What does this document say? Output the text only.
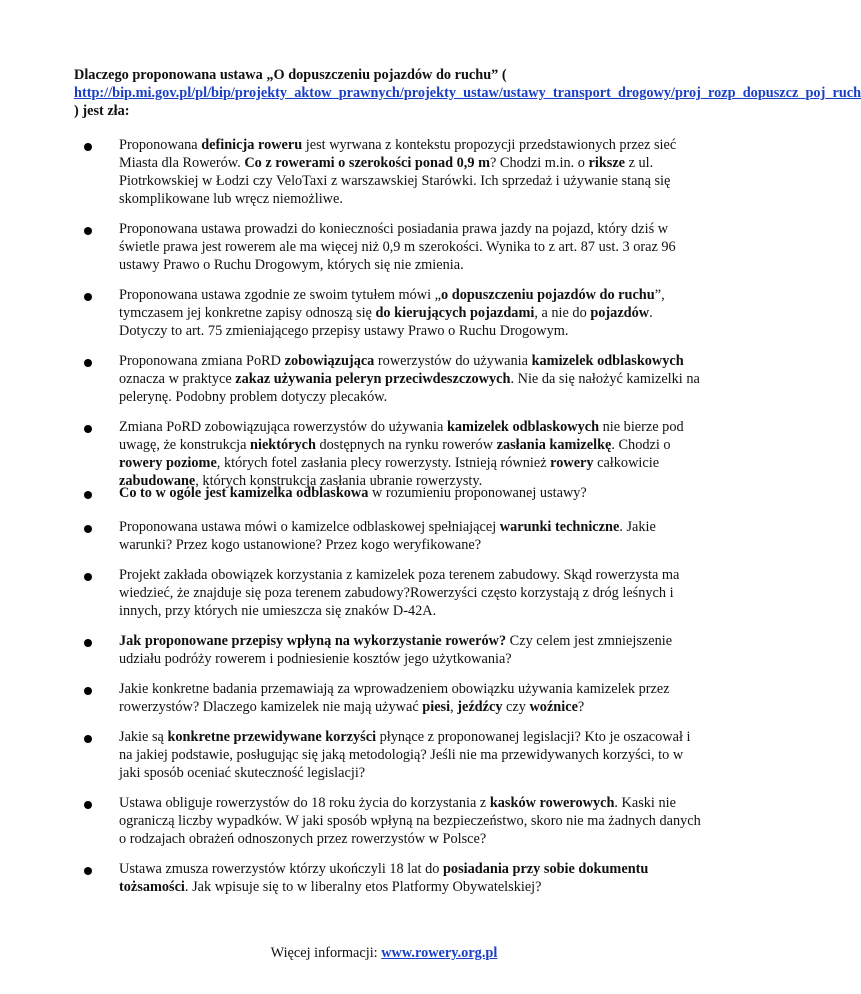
Dlaczego proponowana ustawa „O dopuszczeniu pojazdów do ruchu” ( http://bip.mi.gov.pl/pl/bip/projekty_aktow_prawnych/projekty_ustaw/ustawy_transport_drogowy/proj_rozp_dopuszcz_poj_ruch ) jest zła:
Proponowana definicja roweru jest wyrwana z kontekstu propozycji przedstawionych przez sieć Miasta dla Rowerów. Co z rowerami o szerokości ponad 0,9 m? Chodzi m.in. o riksze z ul. Piotrkowskiej w Łodzi czy VeloTaxi z warszawskiej Starówki. Ich sprzedaż i używanie staną się skomplikowane lub wręcz niemożliwe.
Proponowana ustawa prowadzi do konieczności posiadania prawa jazdy na pojazd, który dziś w świetle prawa jest rowerem ale ma więcej niż 0,9 m szerokości. Wynika to z art. 87 ust. 3 oraz 96 ustawy Prawo o Ruchu Drogowym, których się nie zmienia.
Proponowana ustawa zgodnie ze swoim tytułem mówi „o dopuszczeniu pojazdów do ruchu”, tymczasem jej konkretne zapisy odnoszą się do kierujących pojazdami, a nie do pojazdów. Dotyczy to art. 75 zmieniającego przepisy ustawy Prawo o Ruchu Drogowym.
Proponowana zmiana PoRD zobowiązująca rowerzystów do używania kamizelek odblaskowych oznacza w praktyce zakaz używania peleryn przeciwdeszczowych. Nie da się nałożyć kamizelki na pelerynę. Podobny problem dotyczy plecaków.
Zmiana PoRD zobowiązująca rowerzystów do używania kamizelek odblaskowych nie bierze pod uwagę, że konstrukcja niektórych dostępnych na rynku rowerów zasłania kamizelkę. Chodzi o rowery poziome, których fotel zasłania plecy rowerzysty. Istnieją również rowery całkowicie zabudowane, których konstrukcja zasłania ubranie rowerzysty.
Co to w ogóle jest kamizelka odblaskowa w rozumieniu proponowanej ustawy?
Proponowana ustawa mówi o kamizelce odblaskowej spełniającej warunki techniczne. Jakie warunki? Przez kogo ustanowione? Przez kogo weryfikowane?
Projekt zakłada obowiązek korzystania z kamizelek poza terenem zabudowy. Skąd rowerzysta ma wiedzieć, że znajduje się poza terenem zabudowy?Rowerzyści często korzystają z dróg leśnych i innych, przy których nie umieszcza się znaków D-42A.
Jak proponowane przepisy wpłyną na wykorzystanie rowerów? Czy celem jest zmniejszenie udziału podróży rowerem i podniesienie kosztów jego użytkowania?
Jakie konkretne badania przemawiają za wprowadzeniem obowiązku używania kamizelek przez rowerzystów? Dlaczego kamizelek nie mają używać piesi, jeźdźcy czy woźnice?
Jakie są konkretne przewidywane korzyści płynące z proponowanej legislacji? Kto je oszacował i na jakiej podstawie, posługując się jaką metodologią? Jeśli nie ma przewidywanych korzyści, to w jaki sposób oceniać skuteczność legislacji?
Ustawa obliguje rowerzystów do 18 roku życia do korzystania z kasków rowerowych. Kaski nie ograniczą liczby wypadków. W jaki sposób wpłyną na bezpieczeństwo, skoro nie ma żadnych danych o rodzajach obrażeń odnoszonych przez rowerzystów w Polsce?
Ustawa zmusza rowerzystów którzy ukończyli 18 lat do posiadania przy sobie dokumentu tożsamości. Jak wpisuje się to w liberalny etos Platformy Obywatelskiej?
Więcej informacji: www.rowery.org.pl
